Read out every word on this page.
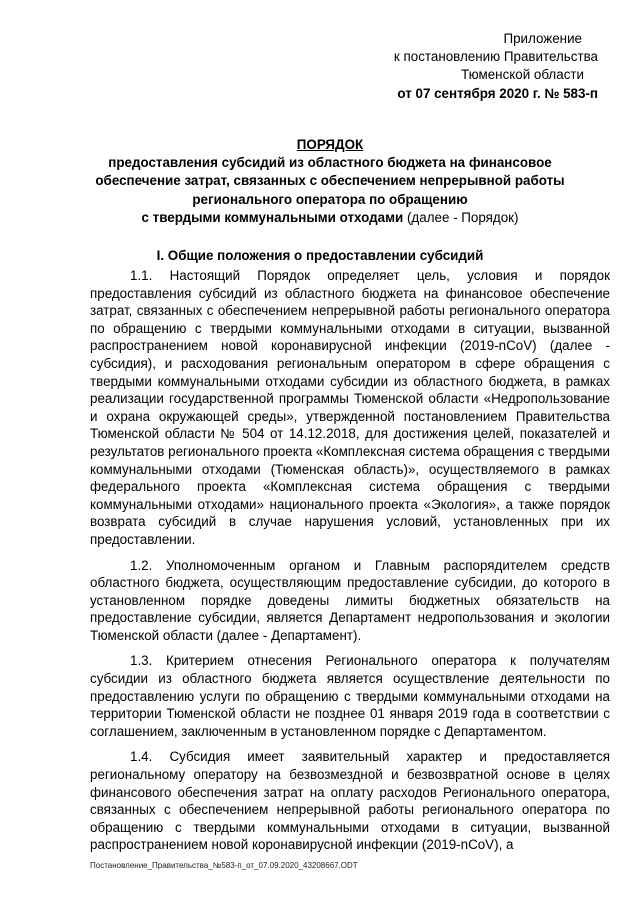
Приложение
к постановлению Правительства
Тюменской области
от 07 сентября 2020 г. № 583-п
ПОРЯДОК
предоставления субсидий из областного бюджета на финансовое
обеспечение затрат, связанных с обеспечением непрерывной работы
регионального оператора по обращению
с твердыми коммунальными отходами (далее - Порядок)
I. Общие положения о предоставлении субсидий

1.1. Настоящий Порядок определяет цель, условия и порядок предоставления субсидий из областного бюджета на финансовое обеспечение затрат, связанных с обеспечением непрерывной работы регионального оператора по обращению с твердыми коммунальными отходами в ситуации, вызванной распространением новой коронавирусной инфекции (2019-nCoV) (далее - субсидия), и расходования региональным оператором в сфере обращения с твердыми коммунальными отходами субсидии из областного бюджета, в рамках реализации государственной программы Тюменской области «Недропользование и охрана окружающей среды», утвержденной постановлением Правительства Тюменской области № 504 от 14.12.2018, для достижения целей, показателей и результатов регионального проекта «Комплексная система обращения с твердыми коммунальными отходами (Тюменская область)», осуществляемого в рамках федерального проекта «Комплексная система обращения с твердыми коммунальными отходами» национального проекта «Экология», а также порядок возврата субсидий в случае нарушения условий, установленных при их предоставлении.

1.2. Уполномоченным органом и Главным распорядителем средств областного бюджета, осуществляющим предоставление субсидии, до которого в установленном порядке доведены лимиты бюджетных обязательств на предоставление субсидии, является Департамент недропользования и экологии Тюменской области (далее - Департамент).

1.3. Критерием отнесения Регионального оператора к получателям субсидии из областного бюджета является осуществление деятельности по предоставлению услуги по обращению с твердыми коммунальными отходами на территории Тюменской области не позднее 01 января 2019 года в соответствии с соглашением, заключенным в установленном порядке с Департаментом.

1.4. Субсидия имеет заявительный характер и предоставляется региональному оператору на безвозмездной и безвозвратной основе в целях финансового обеспечения затрат на оплату расходов Регионального оператора, связанных с обеспечением непрерывной работы регионального оператора по обращению с твердыми коммунальными отходами в ситуации, вызванной распространением новой коронавирусной инфекции (2019-nCoV), а

Постановление_Правительства_№583-п_от_07.09.2020_43208667.ODT
